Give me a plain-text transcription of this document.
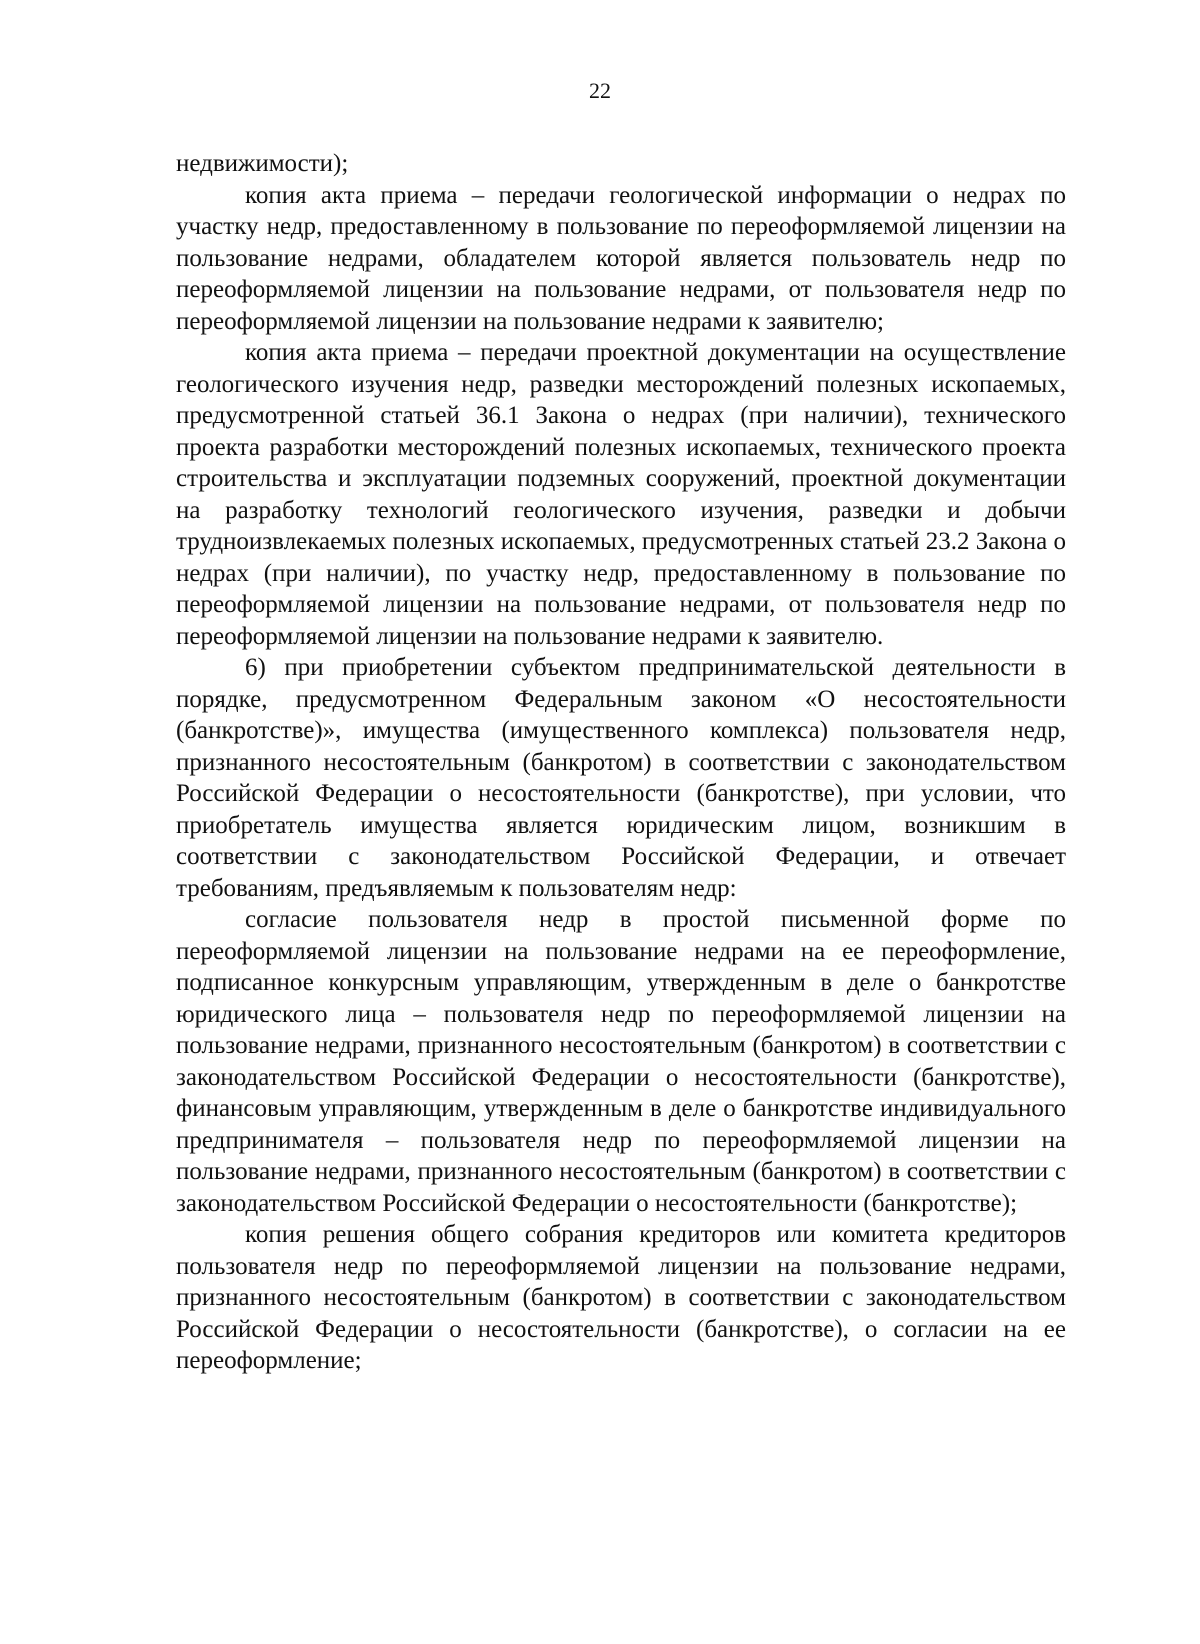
22

недвижимости);

копия акта приема – передачи геологической информации о недрах по участку недр, предоставленному в пользование по переоформляемой лицензии на пользование недрами, обладателем которой является пользователь недр по переоформляемой лицензии на пользование недрами, от пользователя недр по переоформляемой лицензии на пользование недрами к заявителю;

копия акта приема – передачи проектной документации на осуществление геологического изучения недр, разведки месторождений полезных ископаемых, предусмотренной статьей 36.1 Закона о недрах (при наличии), технического проекта разработки месторождений полезных ископаемых, технического проекта строительства и эксплуатации подземных сооружений, проектной документации на разработку технологий геологического изучения, разведки и добычи трудноизвлекаемых полезных ископаемых, предусмотренных статьей 23.2 Закона о недрах (при наличии), по участку недр, предоставленному в пользование по переоформляемой лицензии на пользование недрами, от пользователя недр по переоформляемой лицензии на пользование недрами к заявителю.

6) при приобретении субъектом предпринимательской деятельности в порядке, предусмотренном Федеральным законом «О несостоятельности (банкротстве)», имущества (имущественного комплекса) пользователя недр, признанного несостоятельным (банкротом) в соответствии с законодательством Российской Федерации о несостоятельности (банкротстве), при условии, что приобретатель имущества является юридическим лицом, возникшим в соответствии с законодательством Российской Федерации, и отвечает требованиям, предъявляемым к пользователям недр:

согласие пользователя недр в простой письменной форме по переоформляемой лицензии на пользование недрами на ее переоформление, подписанное конкурсным управляющим, утвержденным в деле о банкротстве юридического лица – пользователя недр по переоформляемой лицензии на пользование недрами, признанного несостоятельным (банкротом) в соответствии с законодательством Российской Федерации о несостоятельности (банкротстве), финансовым управляющим, утвержденным в деле о банкротстве индивидуального предпринимателя – пользователя недр по переоформляемой лицензии на пользование недрами, признанного несостоятельным (банкротом) в соответствии с законодательством Российской Федерации о несостоятельности (банкротстве);

копия решения общего собрания кредиторов или комитета кредиторов пользователя недр по переоформляемой лицензии на пользование недрами, признанного несостоятельным (банкротом) в соответствии с законодательством Российской Федерации о несостоятельности (банкротстве), о согласии на ее переоформление;
